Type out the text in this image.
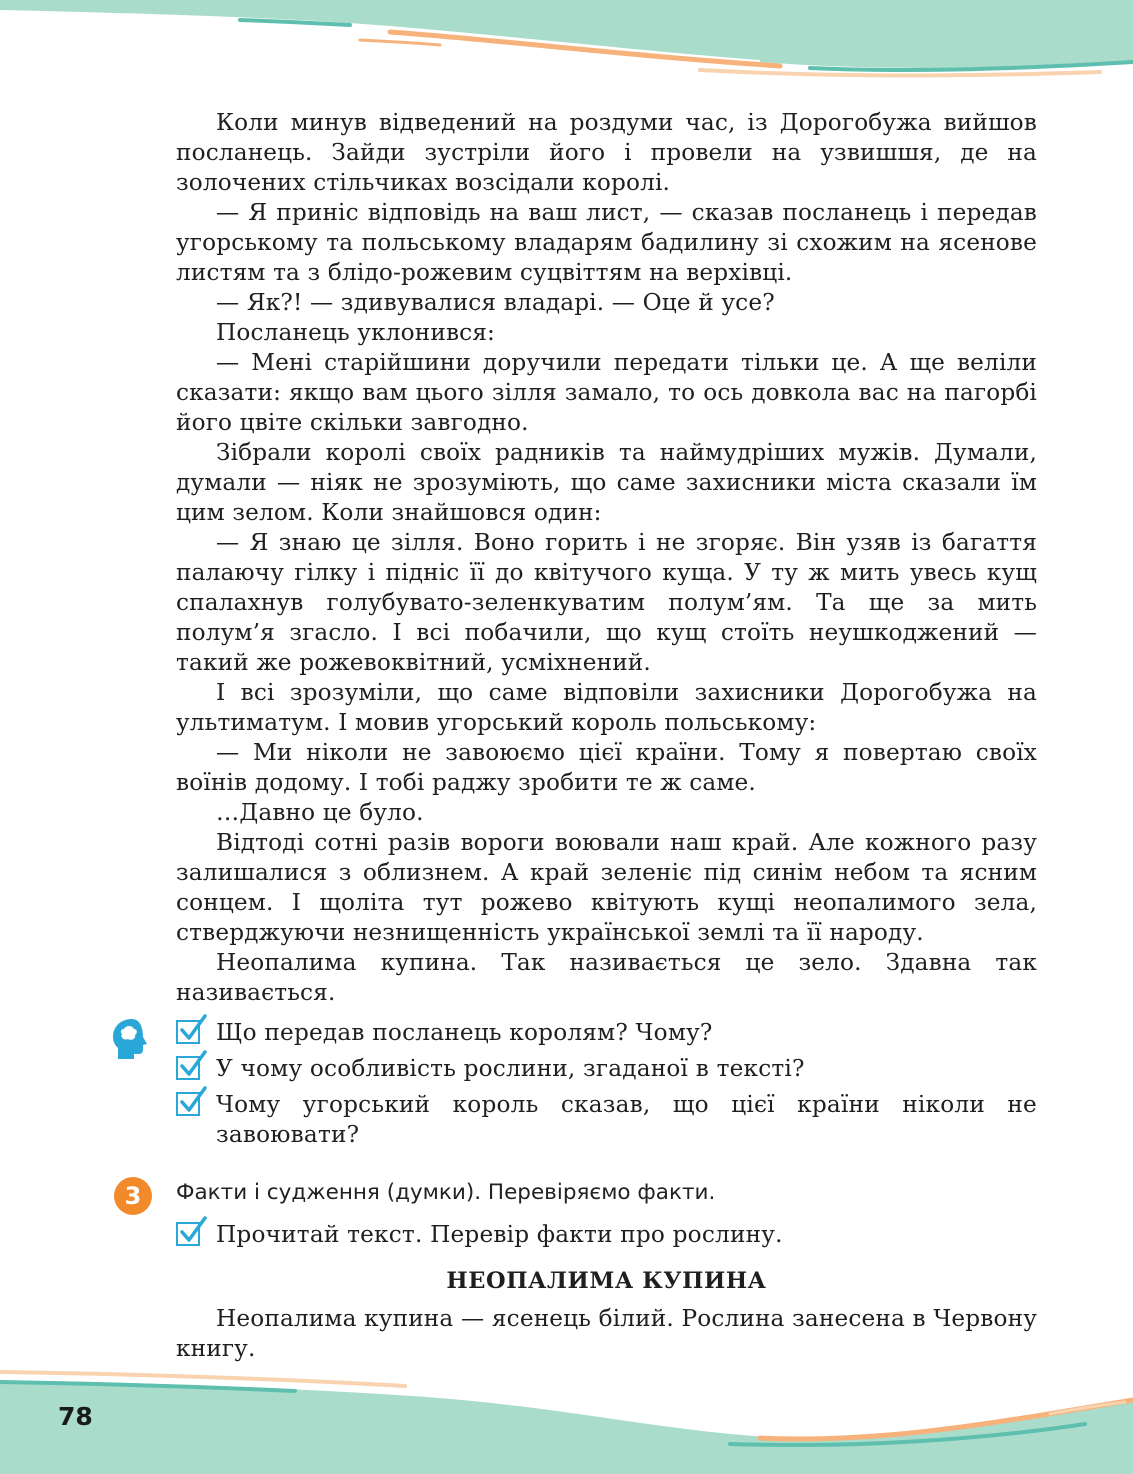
Коли минув відведений на роздуми час, із Дорогобужа вийшов посланець. Зайди зустріли його і провели на узвишшя, де на золочених стільчиках возсідали королі.

— Я приніс відповідь на ваш лист, — сказав посланець і передав угорському та польському владарям бадилину зі схожим на ясенове листям та з блідо-рожевим суцвіттям на верхівці.

— Як?! — здивувалися владарі. — Оце й усе?

Посланець уклонився:

— Мені старійшини доручили передати тільки це. А ще веліли сказати: якщо вам цього зілля замало, то ось довкола вас на пагорбі його цвіте скільки завгодно.

Зібрали королі своїх радників та наймудріших мужів. Думали, думали — ніяк не зрозуміють, що саме захисники міста сказали їм цим зелом. Коли знайшовся один:

— Я знаю це зілля. Воно горить і не згоряє. Він узяв із багаття палаючу гілку і підніс її до квітучого куща. У ту ж мить увесь кущ спалахнув голубувато-зеленкуватим полум’ям. Та ще за мить полум’я згасло. І всі побачили, що кущ стоїть неушкоджений — такий же рожевоквітний, усміхнений.

І всі зрозуміли, що саме відповіли захисники Дорогобужа на ультиматум. І мовив угорський король польському:

— Ми ніколи не завоюємо цієї країни. Тому я повертаю своїх воїнів додому. І тобі раджу зробити те ж саме.

…Давно це було.

Відтоді сотні разів вороги воювали наш край. Але кожного разу залишалися з облизнем. А край зеленіє під синім небом та ясним сонцем. І щоліта тут рожево квітують кущі неопалимого зела, стверджуючи незнищенність української землі та її народу.

Неопалима купина. Так називається це зело. Здавна так називається.

Що передав посланець королям? Чому?
У чому особливість рослини, згаданої в тексті?
Чому угорський король сказав, що цієї країни ніколи не завоювати?
3	Факти і судження (думки). Перевіряємо факти.
Прочитай текст. Перевір факти про рослину.
НЕОПАЛИМА КУПИНА

Неопалима купина — ясенець білий. Рослина занесена в Червону книгу.

78
